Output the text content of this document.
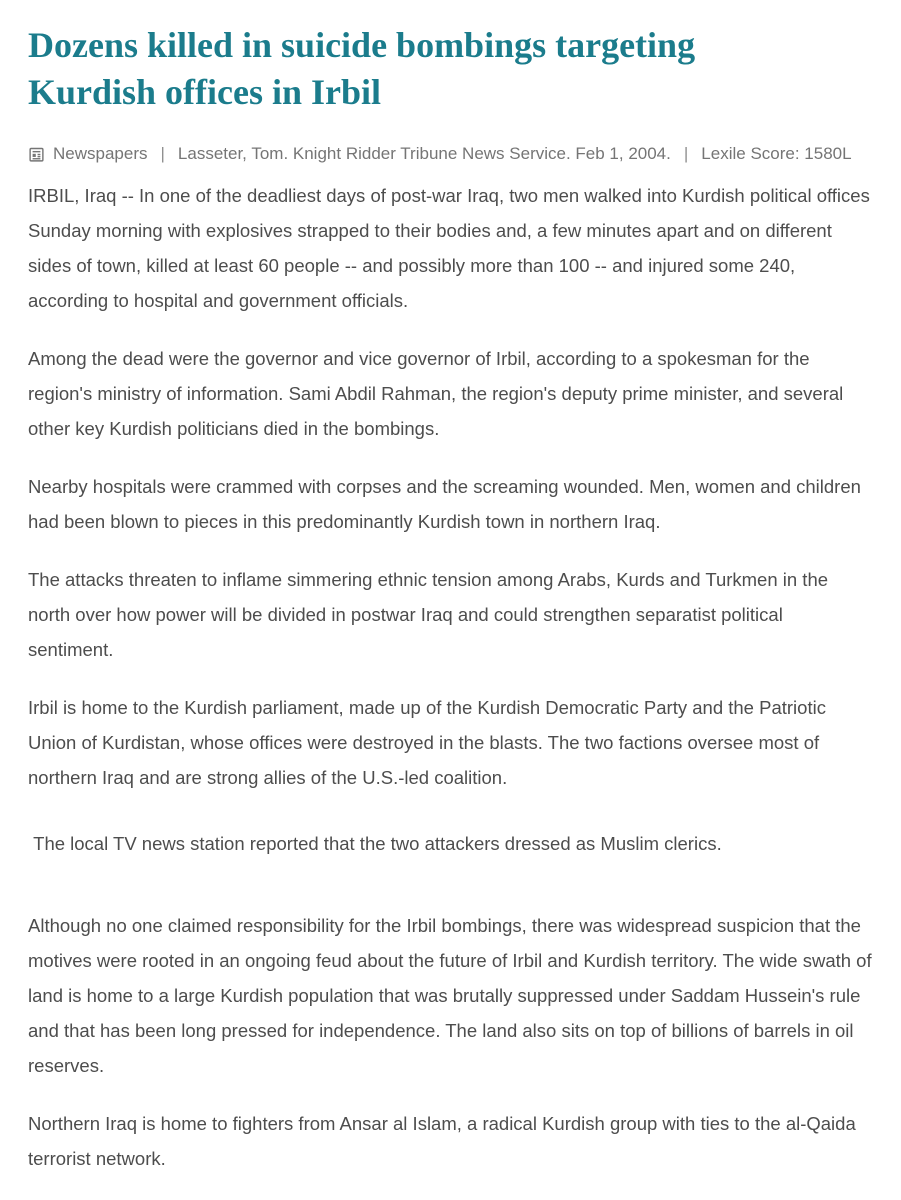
Dozens killed in suicide bombings targeting Kurdish offices in Irbil
Newspapers | Lasseter, Tom. Knight Ridder Tribune News Service. Feb 1, 2004. | Lexile Score: 1580L

IRBIL, Iraq -- In one of the deadliest days of post-war Iraq, two men walked into Kurdish political offices Sunday morning with explosives strapped to their bodies and, a few minutes apart and on different sides of town, killed at least 60 people -- and possibly more than 100 -- and injured some 240, according to hospital and government officials.

Among the dead were the governor and vice governor of Irbil, according to a spokesman for the region's ministry of information. Sami Abdil Rahman, the region's deputy prime minister, and several other key Kurdish politicians died in the bombings.

Nearby hospitals were crammed with corpses and the screaming wounded. Men, women and children had been blown to pieces in this predominantly Kurdish town in northern Iraq.

The attacks threaten to inflame simmering ethnic tension among Arabs, Kurds and Turkmen in the north over how power will be divided in postwar Iraq and could strengthen separatist political sentiment.

Irbil is home to the Kurdish parliament, made up of the Kurdish Democratic Party and the Patriotic Union of Kurdistan, whose offices were destroyed in the blasts. The two factions oversee most of northern Iraq and are strong allies of the U.S.-led coalition.

The local TV news station reported that the two attackers dressed as Muslim clerics.

Although no one claimed responsibility for the Irbil bombings, there was widespread suspicion that the motives were rooted in an ongoing feud about the future of Irbil and Kurdish territory. The wide swath of land is home to a large Kurdish population that was brutally suppressed under Saddam Hussein's rule and that has been long pressed for independence. The land also sits on top of billions of barrels in oil reserves.

Northern Iraq is home to fighters from Ansar al Islam, a radical Kurdish group with ties to the al-Qaida terrorist network.
